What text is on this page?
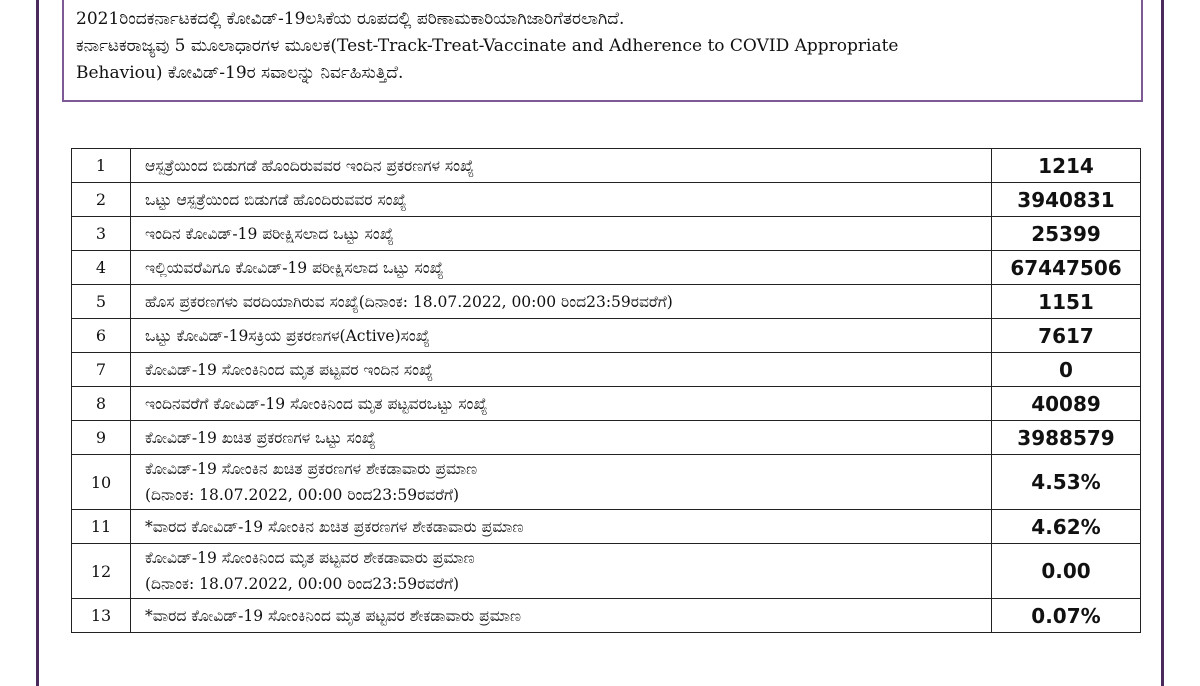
2021ರಿಂದಕರ್ನಾಟಕದಲ್ಲಿ ಕೋವಿಡ್-19ಲಸಿಕೆಯ ರೂಪದಲ್ಲಿ ಪರಿಣಾಮಕಾರಿಯಾಗಿಜಾರಿಗೆತರಲಾಗಿದೆ.

ಕರ್ನಾಟಕರಾಜ್ಯವು 5 ಮೂಲಾಧಾರಗಳ ಮೂಲಕ(Test-Track-Treat-Vaccinate and Adherence to COVID Appropriate

Behaviou) ಕೋವಿಡ್-19ರ ಸವಾಲನ್ನು ನಿರ್ವಹಿಸುತ್ತಿದೆ.

1	ಆಸ್ಪತ್ರೆಯಿಂದ ಬಿಡುಗಡೆ ಹೊಂದಿರುವವರ ಇಂದಿನ ಪ್ರಕರಣಗಳ ಸಂಖ್ಯೆ	1214
2	ಒಟ್ಟು ಆಸ್ಪತ್ರೆಯಿಂದ ಬಿಡುಗಡೆ ಹೊಂದಿರುವವರ ಸಂಖ್ಯೆ	3940831
3	ಇಂದಿನ ಕೋವಿಡ್-19 ಪರೀಕ್ಷಿಸಲಾದ ಒಟ್ಟು ಸಂಖ್ಯೆ	25399
4	ಇಲ್ಲಿಯವರೆವಿಗೂ ಕೋವಿಡ್-19 ಪರೀಕ್ಷಿಸಲಾದ ಒಟ್ಟು ಸಂಖ್ಯೆ	67447506
5	ಹೊಸ ಪ್ರಕರಣಗಳು ವರದಿಯಾಗಿರುವ ಸಂಖ್ಯೆ(ದಿನಾಂಕ: 18.07.2022, 00:00 ರಿಂದ23:59ರವರೆಗೆ)	1151
6	ಒಟ್ಟು ಕೋವಿಡ್-19ಸಕ್ರಿಯ ಪ್ರಕರಣಗಳ(Active)ಸಂಖ್ಯೆ	7617
7	ಕೋವಿಡ್-19 ಸೋಂಕಿನಿಂದ ಮೃತ ಪಟ್ಟವರ ಇಂದಿನ ಸಂಖ್ಯೆ	0
8	ಇಂದಿನವರೆಗೆ ಕೋವಿಡ್-19 ಸೋಂಕಿನಿಂದ ಮೃತ ಪಟ್ಟವರಒಟ್ಟು ಸಂಖ್ಯೆ	40089
9	ಕೋವಿಡ್-19 ಖಚಿತ ಪ್ರಕರಣಗಳ ಒಟ್ಟು ಸಂಖ್ಯೆ	3988579
10	ಕೋವಿಡ್-19 ಸೋಂಕಿನ ಖಚಿತ ಪ್ರಕರಣಗಳ ಶೇಕಡಾವಾರು ಪ್ರಮಾಣ
(ದಿನಾಂಕ: 18.07.2022, 00:00 ರಿಂದ23:59ರವರೆಗೆ)	4.53%
11	*ವಾರದ ಕೋವಿಡ್-19 ಸೋಂಕಿನ ಖಚಿತ ಪ್ರಕರಣಗಳ ಶೇಕಡಾವಾರು ಪ್ರಮಾಣ	4.62%
12	ಕೋವಿಡ್-19 ಸೋಂಕಿನಿಂದ ಮೃತ ಪಟ್ಟವರ ಶೇಕಡಾವಾರು ಪ್ರಮಾಣ
(ದಿನಾಂಕ: 18.07.2022, 00:00 ರಿಂದ23:59ರವರೆಗೆ)	0.00
13	*ವಾರದ ಕೋವಿಡ್-19 ಸೋಂಕಿನಿಂದ ಮೃತ ಪಟ್ಟವರ ಶೇಕಡಾವಾರು ಪ್ರಮಾಣ	0.07%
